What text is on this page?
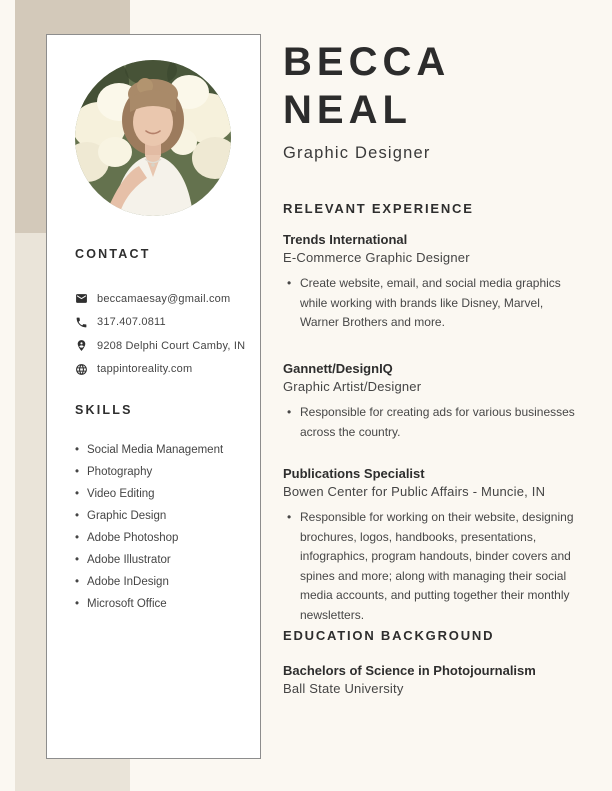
CONTACT
beccamaesay@gmail.com
317.407.0811
9208 Delphi Court Camby, IN
tappintoreality.com
SKILLS
• Social Media Management
• Photography
• Video Editing
• Graphic Design
• Adobe Photoshop
• Adobe Illustrator
• Adobe InDesign
• Microsoft Office
BECCA
NEAL
Graphic Designer
RELEVANT EXPERIENCE
Trends International
E-Commerce Graphic Designer
• Create website, email, and social media graphics while working with brands like Disney, Marvel, Warner Brothers and more.
Gannett/DesignIQ
Graphic Artist/Designer
• Responsible for creating ads for various businesses across the country.
Publications Specialist
Bowen Center for Public Affairs - Muncie, IN
• Responsible for working on their website, designing brochures, logos, handbooks, presentations, infographics, program handouts, binder covers and spines and more; along with managing their social media accounts, and putting together their monthly newsletters.
EDUCATION BACKGROUND
Bachelors of Science in Photojournalism
Ball State University
